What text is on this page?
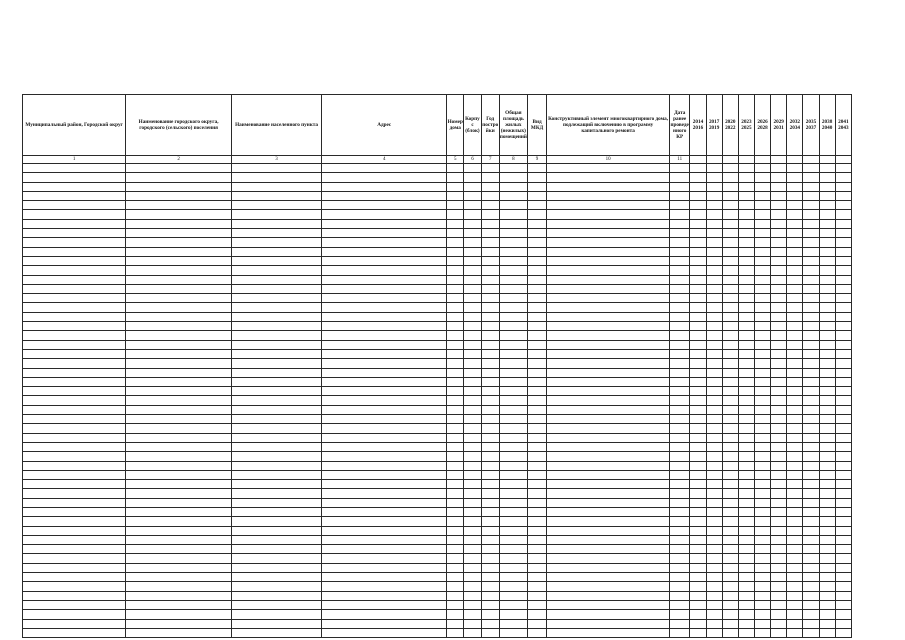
Муниципальный район, Городской округ	Наименование городского округа, городского (сельского) поселения	Наименование населенного пункта	Адрес	Номер дома	Корпус (блок)	Год постройки	Общая площадь жилых (нежилых) помещений	Вид МКД	Конструктивный элемент многоквартирного дома, подлежащий включению в программу капитального ремонта	Дата ранее проведенного КР	2014 2016	2017 2019	2020 2022	2023 2025	2026 2028	2029 2031	2032 2034	2035 2037	2038 2040	2041 2043
1	2	3	4	5	6	7	8	9	10	11										
